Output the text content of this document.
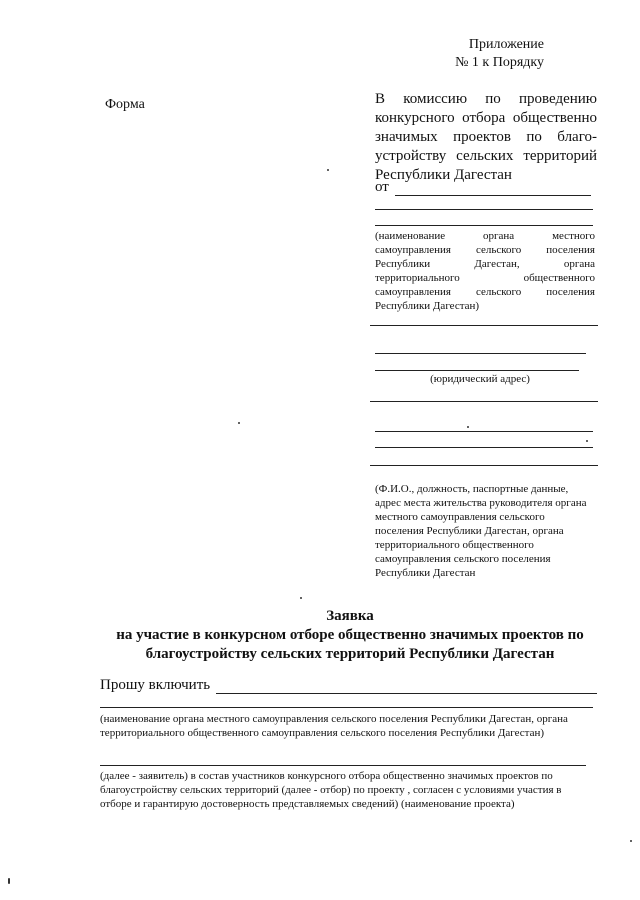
Приложение
№ 1 к Порядку
Форма	В комиссию по проведению конкурсного отбора общественно значимых проектов по благо-устройству сельских территорий Республики Дагестан
от
(наименование органа местного самоуправления сельского поселения Республики Дагестан, органа территориального общественного самоуправления сельского поселения Республики Дагестан)
(юридический адрес)
(Ф.И.О., должность, паспортные данные, адрес места жительства руководителя органа местного самоуправления сельского поселения Республики Дагестан, органа территориального общественного самоуправления сельского поселения Республики Дагестан
Заявка
на участие в конкурсном отборе общественно значимых проектов по
благоустройству сельских территорий Республики Дагестан
Прошу включить
(наименование органа местного самоуправления сельского поселения Республики Дагестан, органа территориального общественного самоуправления сельского поселения Республики Дагестан)
(далее - заявитель) в состав участников конкурсного отбора общественно значимых проектов по благоустройству сельских территорий (далее - отбор) по проекту , согласен с условиями участия в отборе и гарантирую достоверность представляемых сведений) (наименование проекта)
